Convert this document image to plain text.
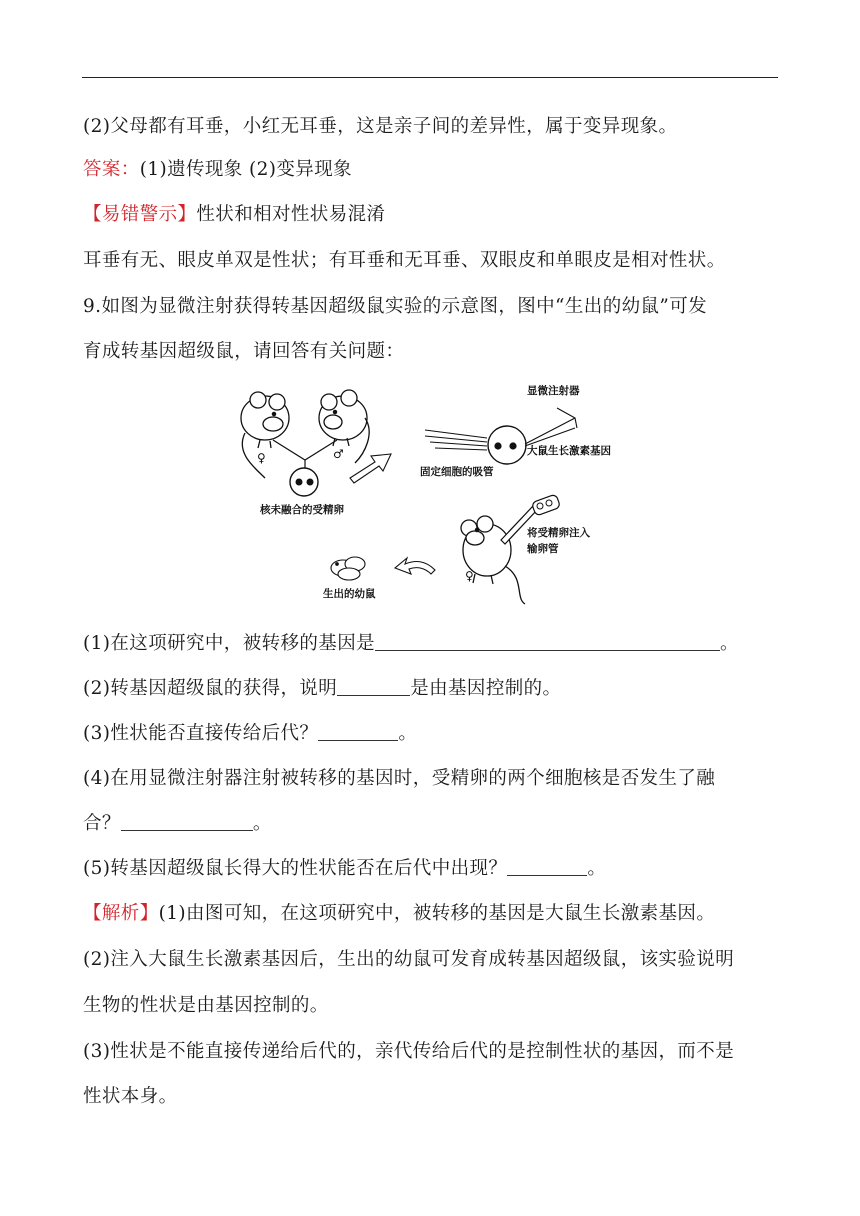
(2)父母都有耳垂，小红无耳垂，这是亲子间的差异性，属于变异现象。
答案：(1)遗传现象 (2)变异现象
【易错警示】性状和相对性状易混淆
耳垂有无、眼皮单双是性状；有耳垂和无耳垂、双眼皮和单眼皮是相对性状。
9.如图为显微注射获得转基因超级鼠实验的示意图，图中“生出的幼鼠”可发
育成转基因超级鼠，请回答有关问题：
♀	♂
核未融合的受精卵
显微注射器
大鼠生长激素基因
固定细胞的吸管
♀
将受精卵注入
输卵管
生出的幼鼠
(1)在这项研究中，被转移的基因是	。
(2)转基因超级鼠的获得，说明	是由基因控制的。
(3)性状能否直接传给后代？	。
(4)在用显微注射器注射被转移的基因时，受精卵的两个细胞核是否发生了融
合？	。
(5)转基因超级鼠长得大的性状能否在后代中出现？	。
【解析】(1)由图可知，在这项研究中，被转移的基因是大鼠生长激素基因。
(2)注入大鼠生长激素基因后，生出的幼鼠可发育成转基因超级鼠，该实验说明
生物的性状是由基因控制的。
(3)性状是不能直接传递给后代的，亲代传给后代的是控制性状的基因，而不是
性状本身。
